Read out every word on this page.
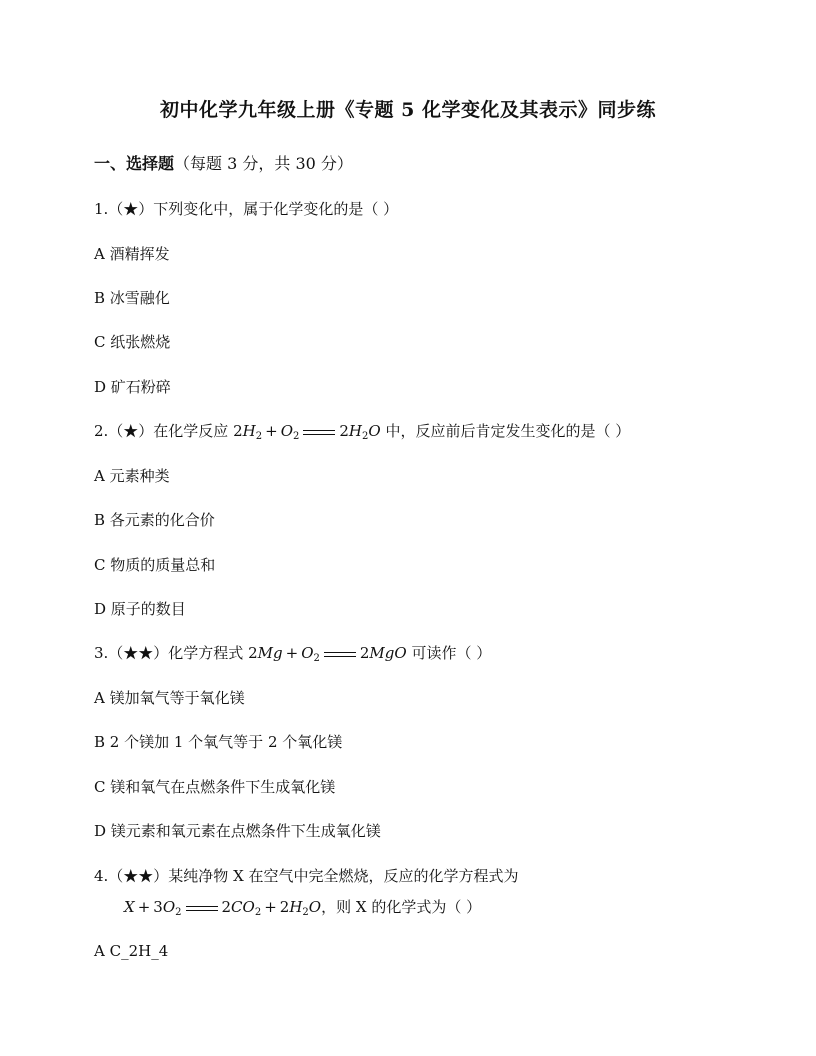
初中化学九年级上册《专题 5 化学变化及其表示》同步练
一、选择题（每题 3 分，共 30 分）
1.（★）下列变化中，属于化学变化的是（ ）
A 酒精挥发
B 冰雪融化
C 纸张燃烧
D 矿石粉碎
2.（★）在化学反应 $2H_2 + O_2$	$2H_2O$ 中，反应前后肯定发生变化的是（ ）
A 元素种类
B 各元素的化合价
C 物质的质量总和
D 原子的数目
3.（★★）化学方程式 $2Mg + O_2$	2MgO 可读作（ ）
A 镁加氧气等于氧化镁
B 2 个镁加 1 个氧气等于 2 个氧化镁
C 镁和氧气在点燃条件下生成氧化镁
D 镁元素和氧元素在点燃条件下生成氧化镁
4.（★★）某纯净物 X 在空气中完全燃烧，反应的化学方程式为
$X + 3O_2$	$2CO_2 + 2H_2O$，则 X 的化学式为（ ）
A C_2H_4
